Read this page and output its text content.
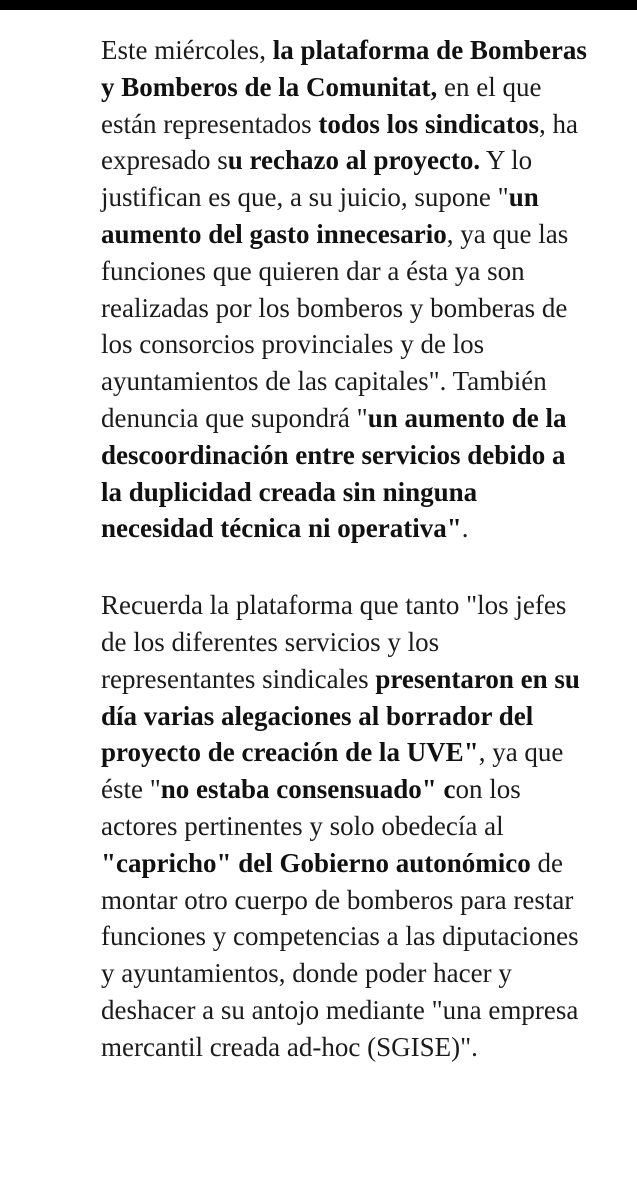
Este miércoles, la plataforma de Bomberas
y Bomberos de la Comunitat, en el que
están representados todos los sindicatos, ha
expresado su rechazo al proyecto. Y lo
justifican es que, a su juicio, supone "un
aumento del gasto innecesario, ya que las
funciones que quieren dar a ésta ya son
realizadas por los bomberos y bomberas de
los consorcios provinciales y de los
ayuntamientos de las capitales". También
denuncia que supondrá "un aumento de la
descoordinación entre servicios debido a
la duplicidad creada sin ninguna
necesidad técnica ni operativa".

Recuerda la plataforma que tanto "los jefes
de los diferentes servicios y los
representantes sindicales presentaron en su
día varias alegaciones al borrador del
proyecto de creación de la UVE", ya que
éste "no estaba consensuado" con los
actores pertinentes y solo obedecía al
"capricho" del Gobierno autonómico de
montar otro cuerpo de bomberos para restar
funciones y competencias a las diputaciones
y ayuntamientos, donde poder hacer y
deshacer a su antojo mediante "una empresa
mercantil creada ad-hoc (SGISE)".
